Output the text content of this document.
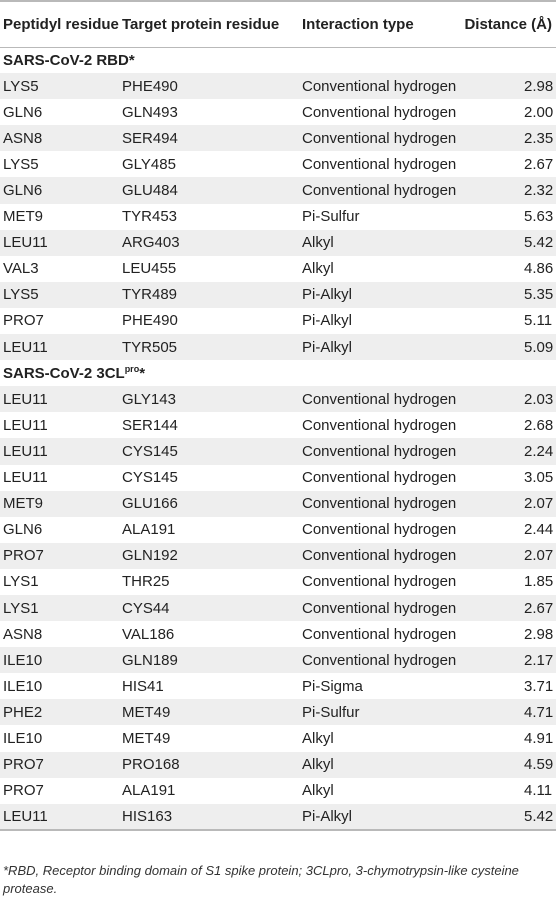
Peptidyl residue	Target protein residue	Interaction type	Distance (Å)
SARS-CoV-2 RBD*			
LYS5	PHE490	Conventional hydrogen	2.98
GLN6	GLN493	Conventional hydrogen	2.00
ASN8	SER494	Conventional hydrogen	2.35
LYS5	GLY485	Conventional hydrogen	2.67
GLN6	GLU484	Conventional hydrogen	2.32
MET9	TYR453	Pi-Sulfur	5.63
LEU11	ARG403	Alkyl	5.42
VAL3	LEU455	Alkyl	4.86
LYS5	TYR489	Pi-Alkyl	5.35
PRO7	PHE490	Pi-Alkyl	5.11
LEU11	TYR505	Pi-Alkyl	5.09
SARS-CoV-2 $3CL^{pro}*$			
LEU11	GLY143	Conventional hydrogen	2.03
LEU11	SER144	Conventional hydrogen	2.68
LEU11	CYS145	Conventional hydrogen	2.24
LEU11	CYS145	Conventional hydrogen	3.05
MET9	GLU166	Conventional hydrogen	2.07
GLN6	ALA191	Conventional hydrogen	2.44
PRO7	GLN192	Conventional hydrogen	2.07
LYS1	THR25	Conventional hydrogen	1.85
LYS1	CYS44	Conventional hydrogen	2.67
ASN8	VAL186	Conventional hydrogen	2.98
ILE10	GLN189	Conventional hydrogen	2.17
ILE10	HIS41	Pi-Sigma	3.71
PHE2	MET49	Pi-Sulfur	4.71
ILE10	MET49	Alkyl	4.91
PRO7	PRO168	Alkyl	4.59
PRO7	ALA191	Alkyl	4.11
LEU11	HIS163	Pi-Alkyl	5.42
*RBD, Receptor binding domain of S1 spike protein; 3CLpro, 3-chymotrypsin-like cysteine protease.
